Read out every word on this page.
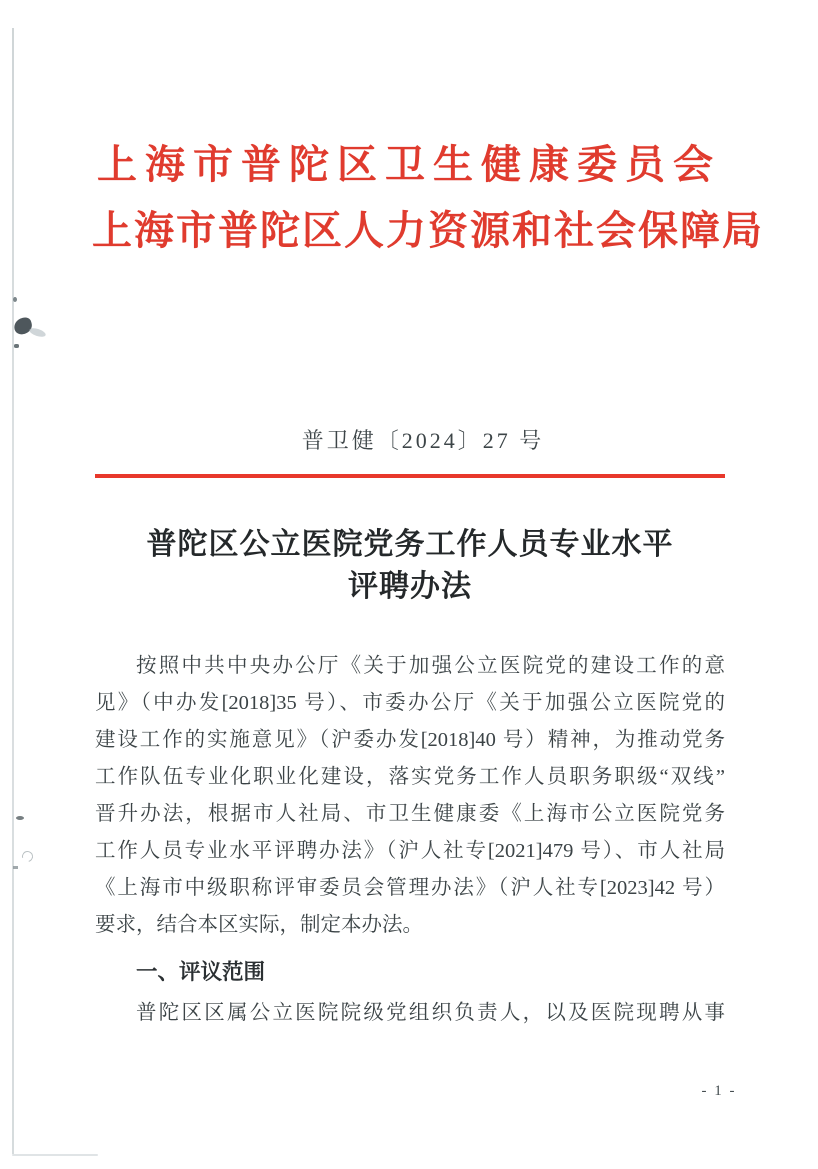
上海市普陀区卫生健康委员会
上海市普陀区人力资源和社会保障局
普卫健〔2024〕27 号
普陀区公立医院党务工作人员专业水平
评聘办法
按照中共中央办公厅《关于加强公立医院党的建设工作的意
见》（中办发[2018]35 号）、市委办公厅《关于加强公立医院党的
建设工作的实施意见》（沪委办发[2018]40 号）精神，为推动党务
工作队伍专业化职业化建设，落实党务工作人员职务职级“双线”
晋升办法，根据市人社局、市卫生健康委《上海市公立医院党务
工作人员专业水平评聘办法》（沪人社专[2021]479 号）、市人社局
《上海市中级职称评审委员会管理办法》（沪人社专[2023]42 号）
要求，结合本区实际，制定本办法。
一、评议范围
普陀区区属公立医院院级党组织负责人，以及医院现聘从事
- 1 -
